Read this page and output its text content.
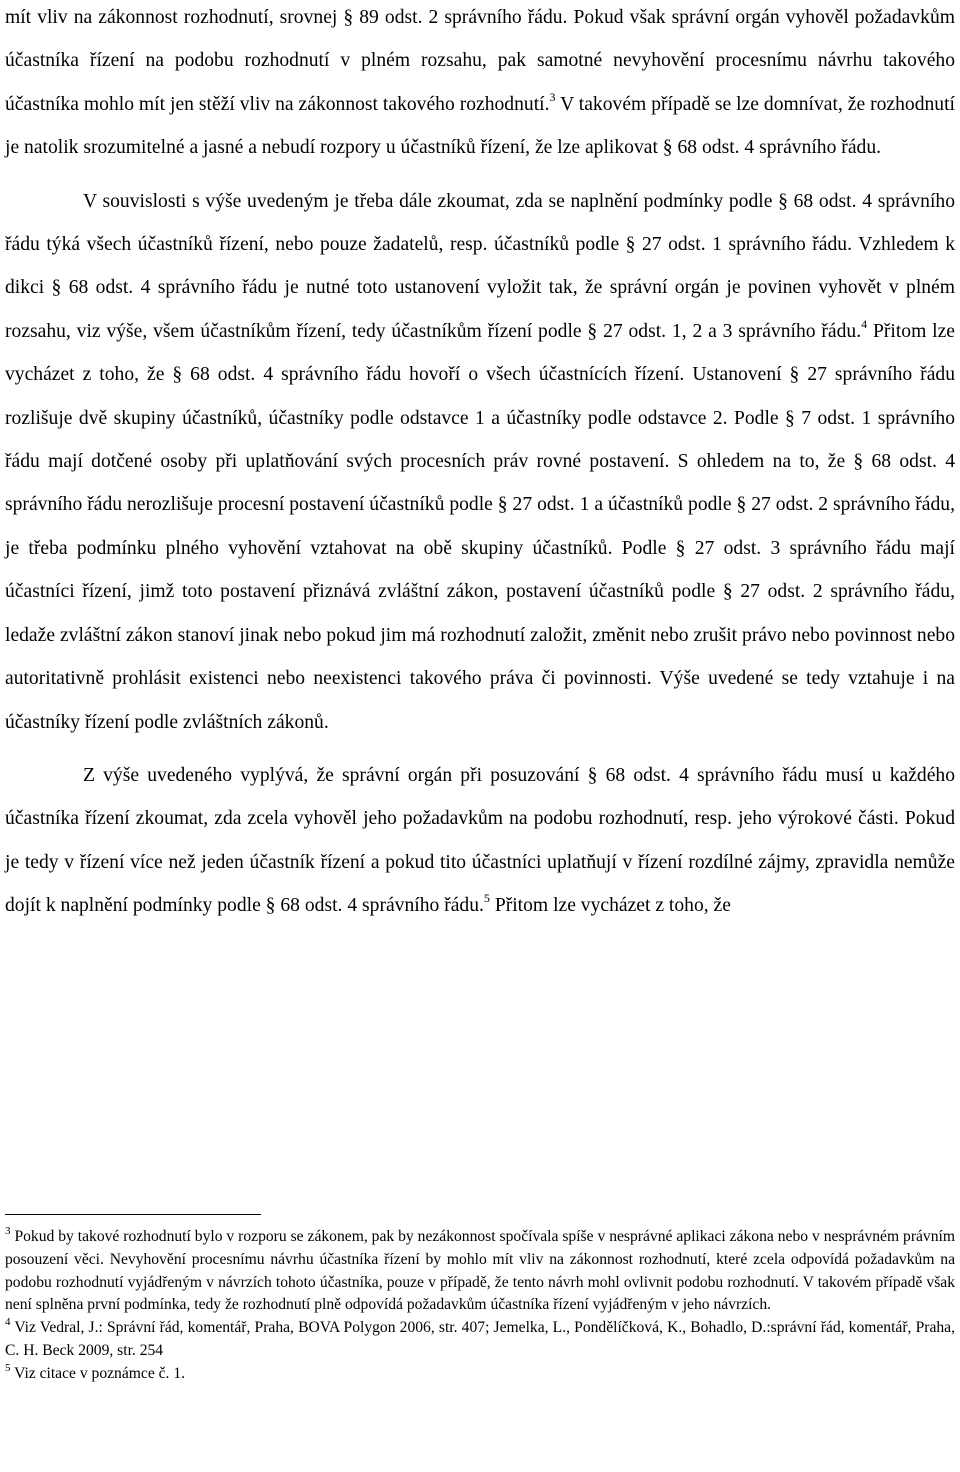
mít vliv na zákonnost rozhodnutí, srovnej § 89 odst. 2 správního řádu. Pokud však správní orgán vyhověl požadavkům účastníka řízení na podobu rozhodnutí v plném rozsahu, pak samotné nevyhovění procesnímu návrhu takového účastníka mohlo mít jen stěží vliv na zákonnost takového rozhodnutí.$^3$ V takovém případě se lze domnívat, že rozhodnutí je natolik srozumitelné a jasné a nebudí rozpory u účastníků řízení, že lze aplikovat § 68 odst. 4 správního řádu.

V souvislosti s výše uvedeným je třeba dále zkoumat, zda se naplnění podmínky podle § 68 odst. 4 správního řádu týká všech účastníků řízení, nebo pouze žadatelů, resp. účastníků podle § 27 odst. 1 správního řádu. Vzhledem k dikci § 68 odst. 4 správního řádu je nutné toto ustanovení vyložit tak, že správní orgán je povinen vyhovět v plném rozsahu, viz výše, všem účastníkům řízení, tedy účastníkům řízení podle § 27 odst. 1, 2 a 3 správního řádu.$^4$ Přitom lze vycházet z toho, že § 68 odst. 4 správního řádu hovoří o všech účastnících řízení. Ustanovení § 27 správního řádu rozlišuje dvě skupiny účastníků, účastníky podle odstavce 1 a účastníky podle odstavce 2. Podle § 7 odst. 1 správního řádu mají dotčené osoby při uplatňování svých procesních práv rovné postavení. S ohledem na to, že § 68 odst. 4 správního řádu nerozlišuje procesní postavení účastníků podle § 27 odst. 1 a účastníků podle § 27 odst. 2 správního řádu, je třeba podmínku plného vyhovění vztahovat na obě skupiny účastníků. Podle § 27 odst. 3 správního řádu mají účastníci řízení, jimž toto postavení přiznává zvláštní zákon, postavení účastníků podle § 27 odst. 2 správního řádu, ledaže zvláštní zákon stanoví jinak nebo pokud jim má rozhodnutí založit, změnit nebo zrušit právo nebo povinnost nebo autoritativně prohlásit existenci nebo neexistenci takového práva či povinnosti. Výše uvedené se tedy vztahuje i na účastníky řízení podle zvláštních zákonů.

Z výše uvedeného vyplývá, že správní orgán při posuzování § 68 odst. 4 správního řádu musí u každého účastníka řízení zkoumat, zda zcela vyhověl jeho požadavkům na podobu rozhodnutí, resp. jeho výrokové části. Pokud je tedy v řízení více než jeden účastník řízení a pokud tito účastníci uplatňují v řízení rozdílné zájmy, zpravidla nemůže dojít k naplnění podmínky podle § 68 odst. 4 správního řádu.$^5$ Přitom lze vycházet z toho, že

$^3$ Pokud by takové rozhodnutí bylo v rozporu se zákonem, pak by nezákonnost spočívala spíše v nesprávné aplikaci zákona nebo v nesprávném právním posouzení věci. Nevyhovění procesnímu návrhu účastníka řízení by mohlo mít vliv na zákonnost rozhodnutí, které zcela odpovídá požadavkům na podobu rozhodnutí vyjádřeným v návrzích tohoto účastníka, pouze v případě, že tento návrh mohl ovlivnit podobu rozhodnutí. V takovém případě však není splněna první podmínka, tedy že rozhodnutí plně odpovídá požadavkům účastníka řízení vyjádřeným v jeho návrzích.

$^4$ Viz Vedral, J.: Správní řád, komentář, Praha, BOVA Polygon 2006, str. 407; Jemelka, L., Pondělíčková, K., Bohadlo, D.:správní řád, komentář, Praha, C. H. Beck 2009, str. 254

$^5$ Viz citace v poznámce č. 1.
